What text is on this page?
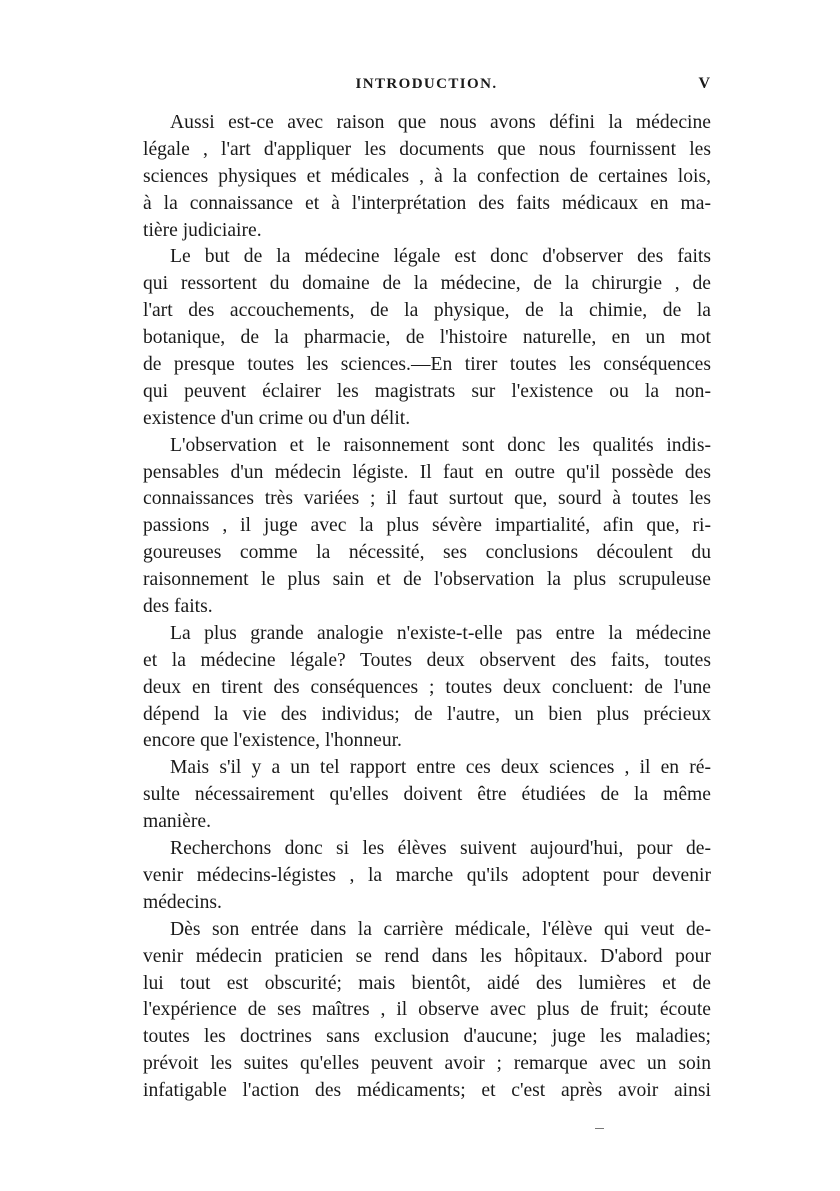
INTRODUCTION.	V
Aussi est-ce avec raison que nous avons défini la médecine
légale , l'art d'appliquer les documents que nous fournissent les
sciences physiques et médicales , à la confection de certaines lois,
à la connaissance et à l'interprétation des faits médicaux en ma-
tière judiciaire.
Le but de la médecine légale est donc d'observer des faits
qui ressortent du domaine de la médecine, de la chirurgie , de
l'art des accouchements, de la physique, de la chimie, de la
botanique, de la pharmacie, de l'histoire naturelle, en un mot
de presque toutes les sciences.—En tirer toutes les conséquences
qui peuvent éclairer les magistrats sur l'existence ou la non-
existence d'un crime ou d'un délit.
L'observation et le raisonnement sont donc les qualités indis-
pensables d'un médecin légiste. Il faut en outre qu'il possède des
connaissances très variées ; il faut surtout que, sourd à toutes les
passions , il juge avec la plus sévère impartialité, afin que, ri-
goureuses comme la nécessité, ses conclusions découlent du
raisonnement le plus sain et de l'observation la plus scrupuleuse
des faits.
La plus grande analogie n'existe-t-elle pas entre la médecine
et la médecine légale? Toutes deux observent des faits, toutes
deux en tirent des conséquences ; toutes deux concluent: de l'une
dépend la vie des individus; de l'autre, un bien plus précieux
encore que l'existence, l'honneur.
Mais s'il y a un tel rapport entre ces deux sciences , il en ré-
sulte nécessairement qu'elles doivent être étudiées de la même
manière.
Recherchons donc si les élèves suivent aujourd'hui, pour de-
venir médecins-légistes , la marche qu'ils adoptent pour devenir
médecins.
Dès son entrée dans la carrière médicale, l'élève qui veut de-
venir médecin praticien se rend dans les hôpitaux. D'abord pour
lui tout est obscurité; mais bientôt, aidé des lumières et de
l'expérience de ses maîtres , il observe avec plus de fruit; écoute
toutes les doctrines sans exclusion d'aucune; juge les maladies;
prévoit les suites qu'elles peuvent avoir ; remarque avec un soin
infatigable l'action des médicaments; et c'est après avoir ainsi
